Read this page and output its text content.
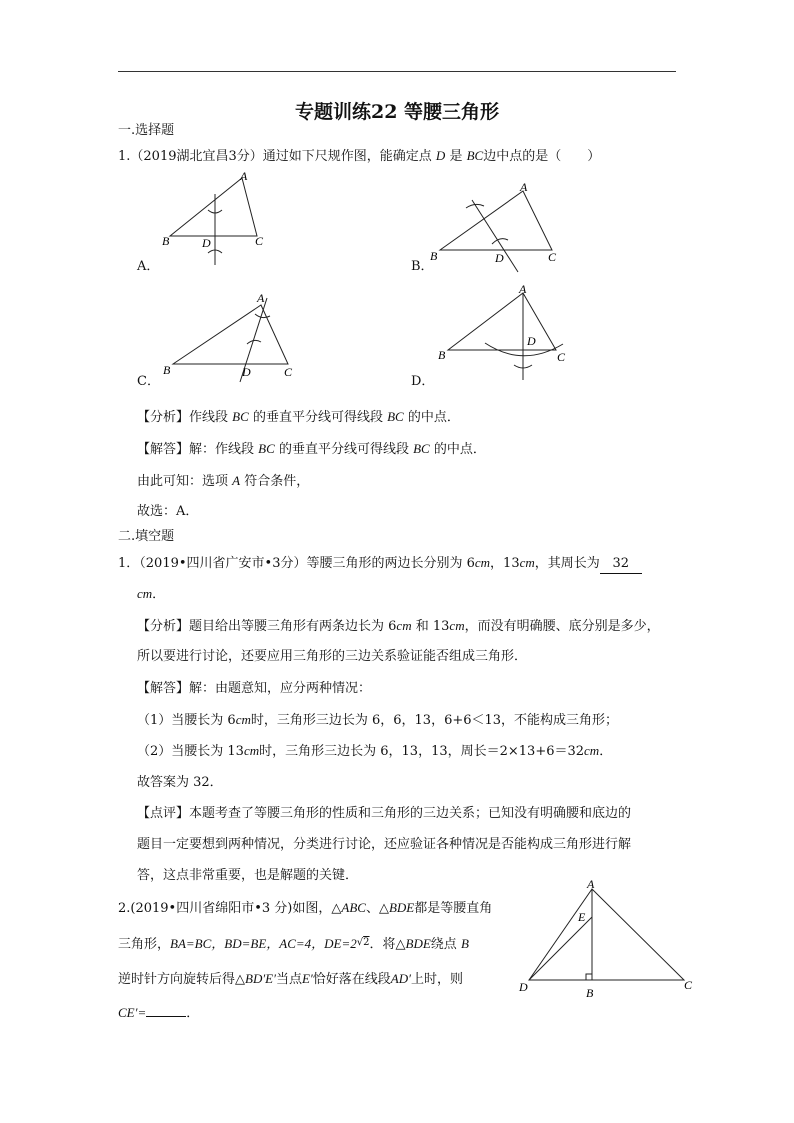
专题训练22 等腰三角形
一.选择题
1.（2019湖北宜昌3分）通过如下尺规作图，能确定点 D 是 BC边中点的是（　　）
B
A
C
D
B
A
C
D
B
A
C
D
B
A
C
D
A．	B．
C．	D．
【分析】作线段 BC 的垂直平分线可得线段 BC 的中点．
【解答】解：作线段 BC 的垂直平分线可得线段 BC 的中点．
由此可知：选项 A 符合条件，
故选：A．
二.填空题
1．（2019•四川省广安市•3分）等腰三角形的两边长分别为 6cm，13cm，其周长为 32
cm．
【分析】题目给出等腰三角形有两条边长为 6cm 和 13cm，而没有明确腰、底分别是多少，
所以要进行讨论，还要应用三角形的三边关系验证能否组成三角形．
【解答】解：由题意知，应分两种情况：
（1）当腰长为 6cm时，三角形三边长为 6，6，13，6+6＜13，不能构成三角形；
（2）当腰长为 13cm时，三角形三边长为 6，13，13，周长＝2×13+6＝32cm．
故答案为 32．
【点评】本题考查了等腰三角形的性质和三角形的三边关系；已知没有明确腰和底边的
题目一定要想到两种情况，分类进行讨论，还应验证各种情况是否能构成三角形进行解
答，这点非常重要，也是解题的关键．
2.(2019•四川省绵阳市•3 分)如图，△ABC、△BDE都是等腰直角
三角形，BA=BC，BD=BE，AC=4，$DE=2^{√2}$．将△BDE绕点 B
逆时针方向旋转后得△BD′E′当点E′恰好落在线段AD′上时，则
CE′=	．
A
E
D	B
C
